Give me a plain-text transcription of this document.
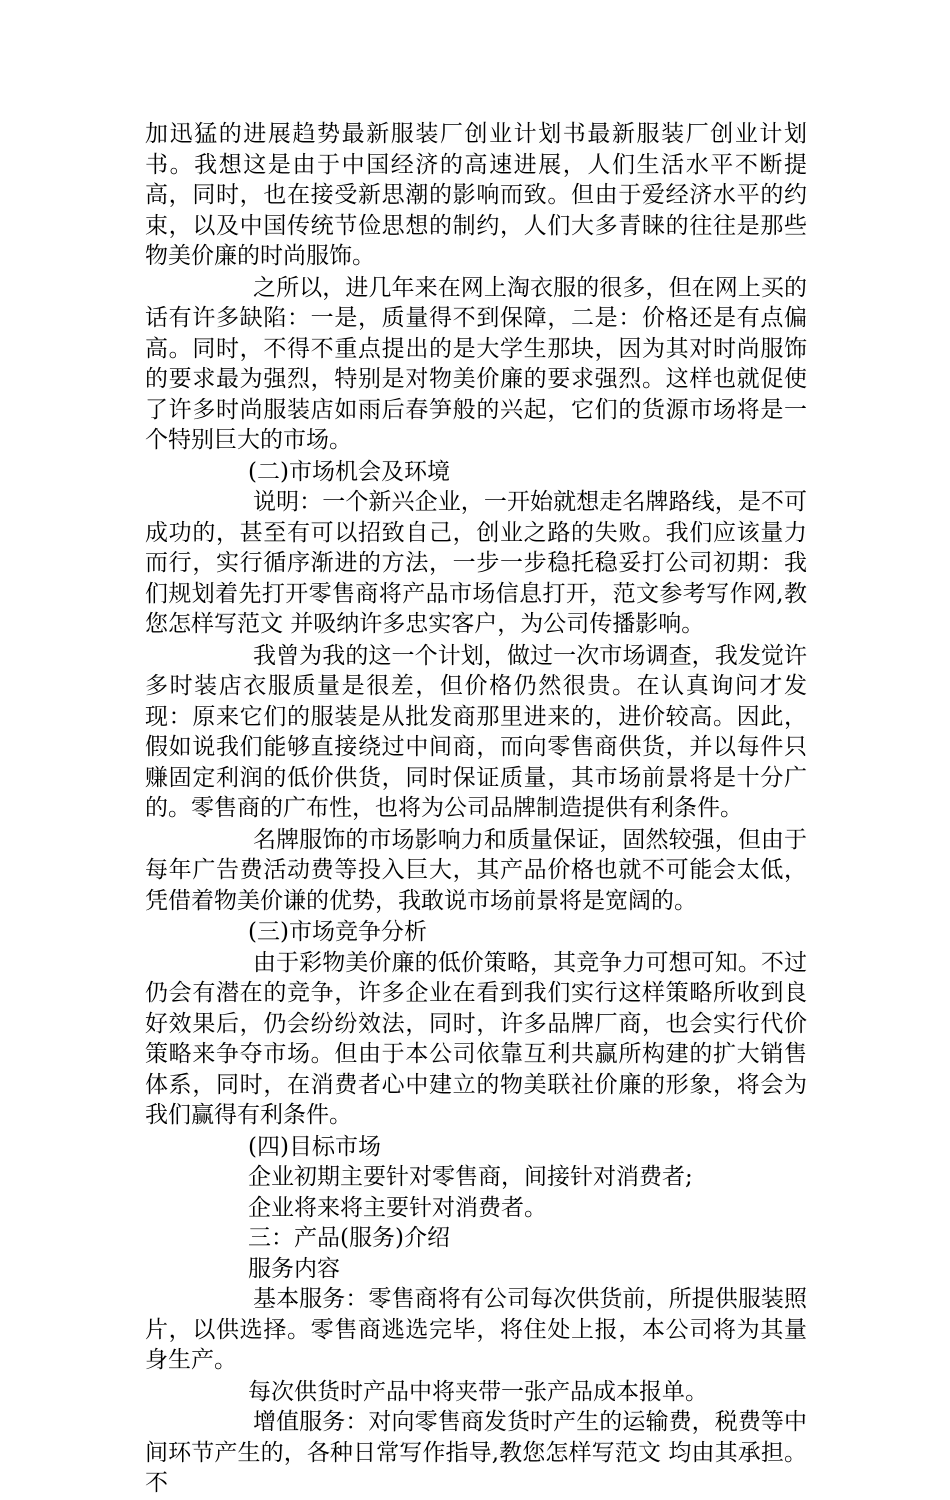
加迅猛的进展趋势最新服装厂创业计划书最新服装厂创业计划书。我想这是由于中国经济的高速进展，人们生活水平不断提高，同时，也在接受新思潮的影响而致。但由于爱经济水平的约束，以及中国传统节俭思想的制约，人们大多青睐的往往是那些物美价廉的时尚服饰。

之所以，进几年来在网上淘衣服的很多，但在网上买的话有许多缺陷：一是，质量得不到保障，二是：价格还是有点偏高。同时，不得不重点提出的是大学生那块，因为其对时尚服饰的要求最为强烈，特别是对物美价廉的要求强烈。这样也就促使了许多时尚服装店如雨后春笋般的兴起，它们的货源市场将是一个特别巨大的市场。

(二)市场机会及环境

说明：一个新兴企业，一开始就想走名牌路线，是不可成功的，甚至有可以招致自己，创业之路的失败。我们应该量力而行，实行循序渐进的方法，一步一步稳托稳妥打公司初期：我们规划着先打开零售商将产品市场信息打开，范文参考写作网,教您怎样写范文 并吸纳许多忠实客户，为公司传播影响。

我曾为我的这一个计划，做过一次市场调查，我发觉许多时装店衣服质量是很差，但价格仍然很贵。在认真询问才发现：原来它们的服装是从批发商那里进来的，进价较高。因此，假如说我们能够直接绕过中间商，而向零售商供货，并以每件只赚固定利润的低价供货，同时保证质量，其市场前景将是十分广的。零售商的广布性，也将为公司品牌制造提供有利条件。

名牌服饰的市场影响力和质量保证，固然较强，但由于每年广告费活动费等投入巨大，其产品价格也就不可能会太低，凭借着物美价谦的优势，我敢说市场前景将是宽阔的。

(三)市场竞争分析

由于彩物美价廉的低价策略，其竞争力可想可知。不过仍会有潜在的竞争，许多企业在看到我们实行这样策略所收到良好效果后，仍会纷纷效法，同时，许多品牌厂商，也会实行代价策略来争夺市场。但由于本公司依靠互利共赢所构建的扩大销售体系，同时，在消费者心中建立的物美联社价廉的形象，将会为我们赢得有利条件。

(四)目标市场

企业初期主要针对零售商，间接针对消费者;

企业将来将主要针对消费者。

三：产品(服务)介绍

服务内容

基本服务：零售商将有公司每次供货前，所提供服装照片，以供选择。零售商逃选完毕，将住处上报，本公司将为其量身生产。

每次供货时产品中将夹带一张产品成本报单。

增值服务：对向零售商发货时产生的运输费，税费等中间环节产生的，各种日常写作指导,教您怎样写范文 均由其承担。不
